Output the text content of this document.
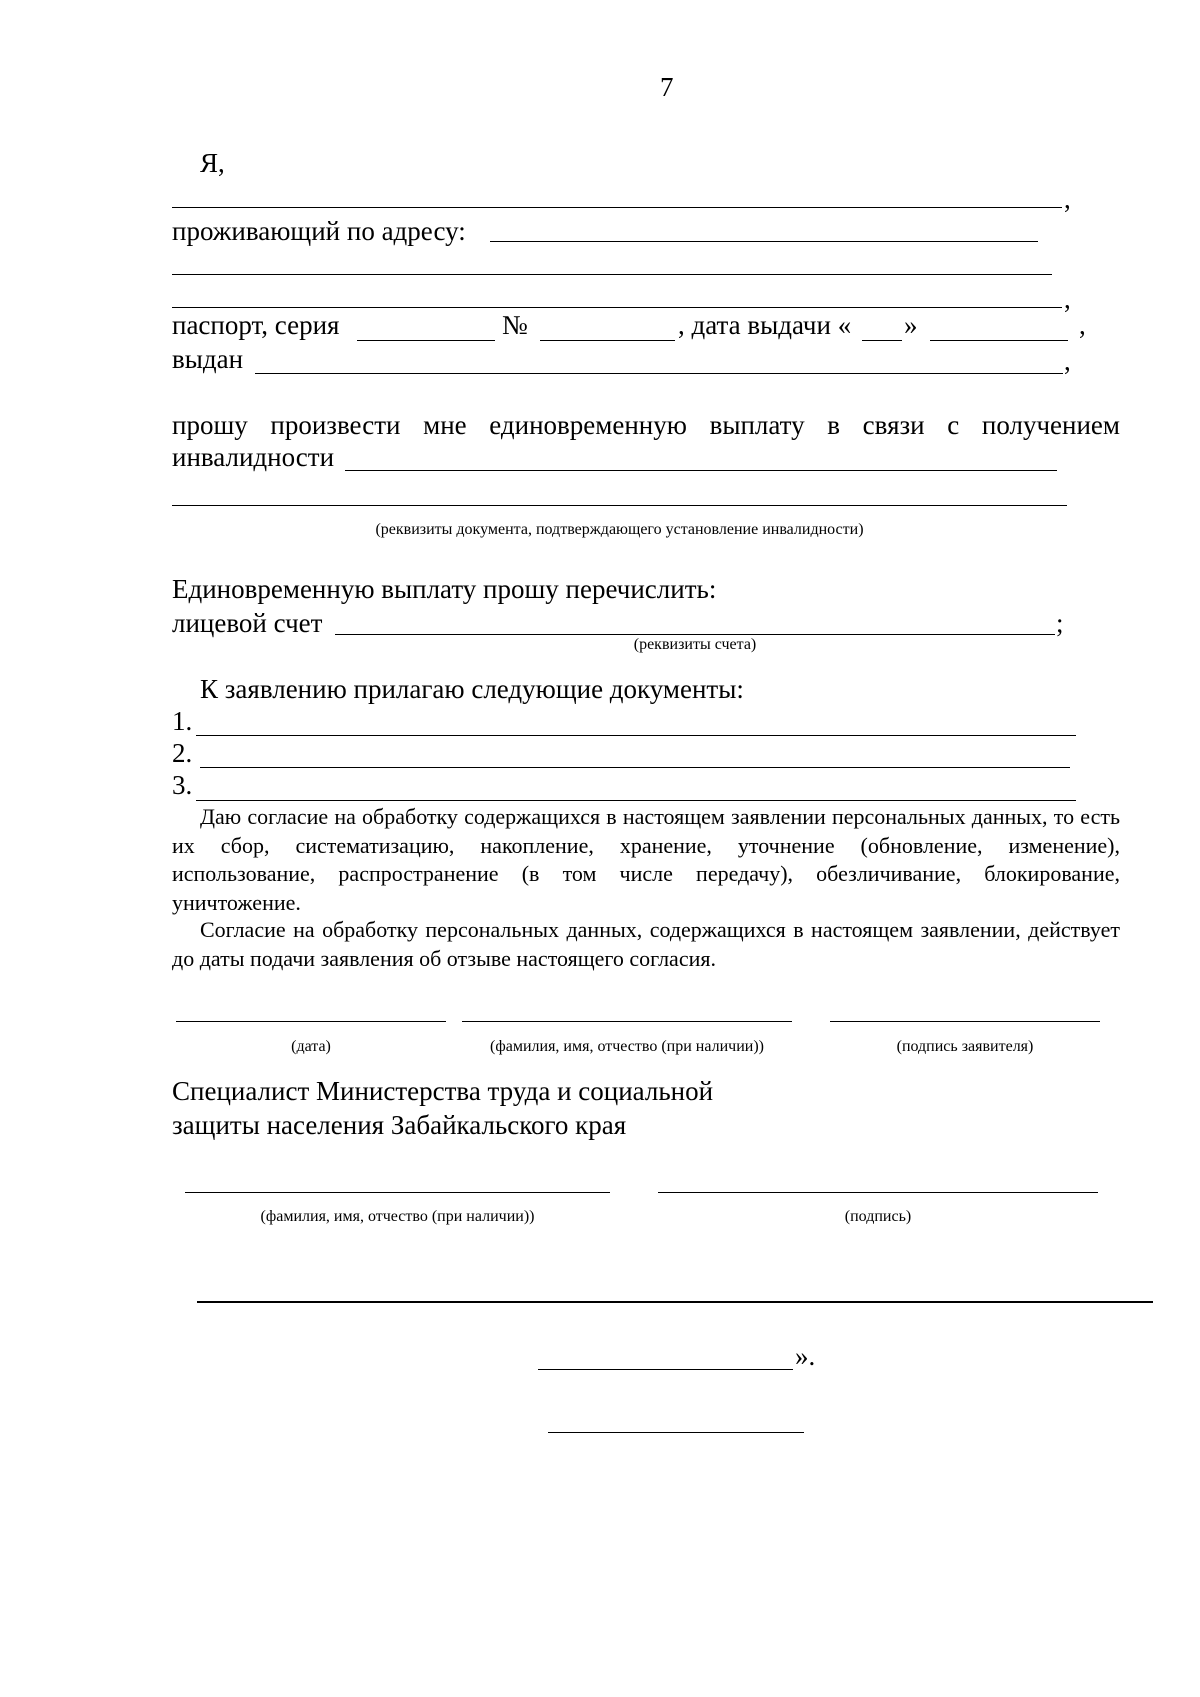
7
Я,
,
проживающий по адресу:
,
паспорт, серия	№	, дата выдачи « »	,
выдан	,
прошу произвести мне единовременную выплату в связи с получением
инвалидности
(реквизиты документа, подтверждающего установление инвалидности)
Единовременную выплату прошу перечислить:
лицевой счет	;
(реквизиты счета)
К заявлению прилагаю следующие документы:
1.
2.
3.
Даю согласие на обработку содержащихся в настоящем заявлении персональных данных, то есть их сбор, систематизацию, накопление, хранение, уточнение (обновление, изменение), использование, распространение (в том числе передачу), обезличивание, блокирование, уничтожение.
Согласие на обработку персональных данных, содержащихся в настоящем заявлении, действует до даты подачи заявления об отзыве настоящего согласия.
(дата)	(фамилия, имя, отчество (при наличии))	(подпись заявителя)
Специалист Министерства труда и социальной
защиты населения Забайкальского края
(фамилия, имя, отчество (при наличии))	(подпись)
».
